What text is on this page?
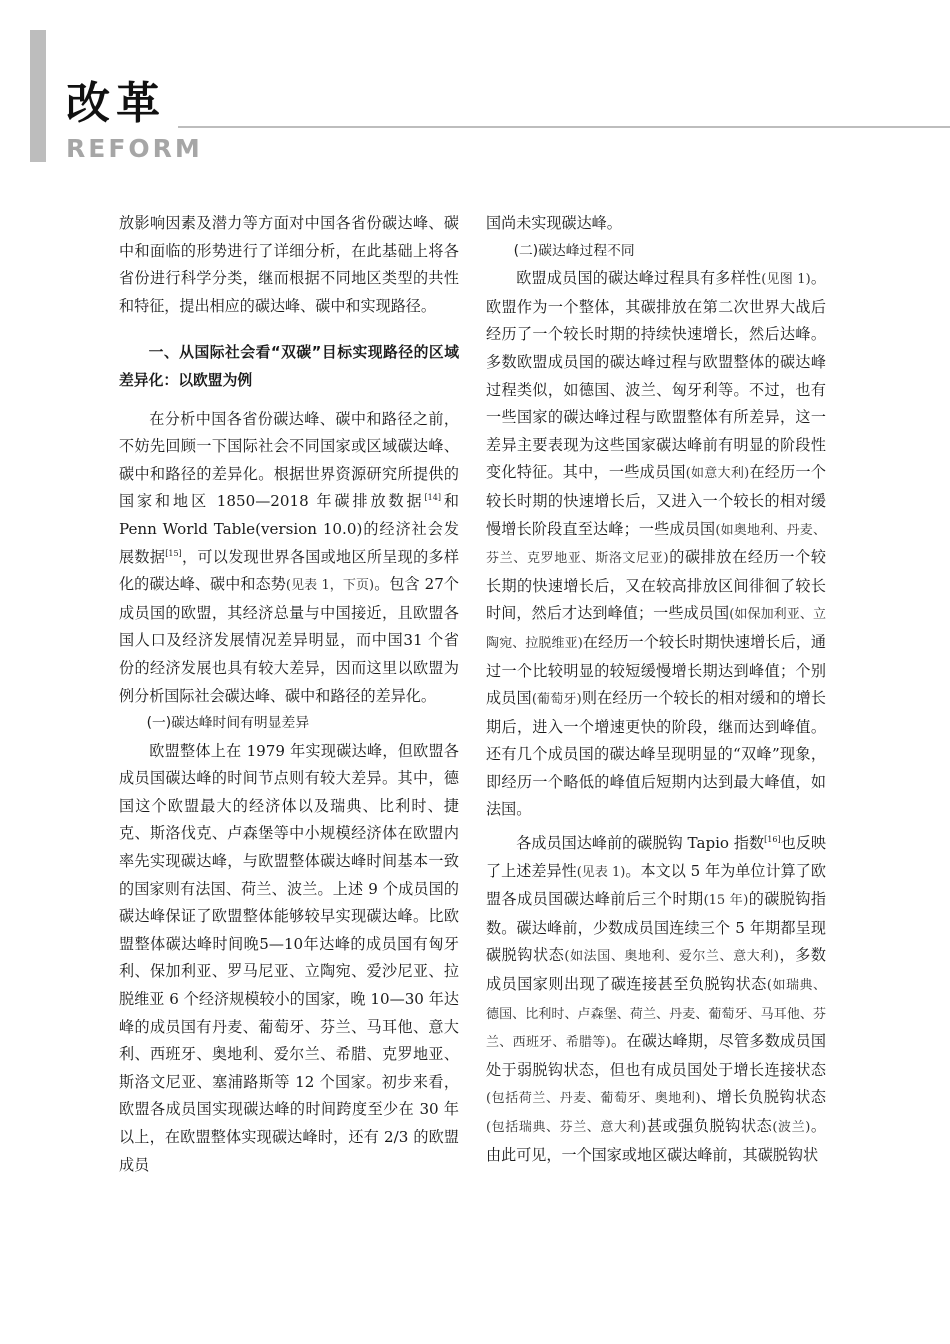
改革
REFORM

放影响因素及潜力等方面对中国各省份碳达峰、碳中和面临的形势进行了详细分析，在此基础上将各省份进行科学分类，继而根据不同地区类型的共性和特征，提出相应的碳达峰、碳中和实现路径。

一、从国际社会看“双碳”目标实现路径的区域差异化：以欧盟为例

在分析中国各省份碳达峰、碳中和路径之前，不妨先回顾一下国际社会不同国家或区域碳达峰、碳中和路径的差异化。根据世界资源研究所提供的国家和地区 1850—2018 年碳排放数据[14]和 Penn World Table(version 10.0)的经济社会发展数据[15]，可以发现世界各国或地区所呈现的多样化的碳达峰、碳中和态势(见表 1，下页)。包含 27个成员国的欧盟，其经济总量与中国接近，且欧盟各国人口及经济发展情况差异明显，而中国31 个省份的经济发展也具有较大差异，因而这里以欧盟为例分析国际社会碳达峰、碳中和路径的差异化。

(一)碳达峰时间有明显差异

欧盟整体上在 1979 年实现碳达峰，但欧盟各成员国碳达峰的时间节点则有较大差异。其中，德国这个欧盟最大的经济体以及瑞典、比利时、捷克、斯洛伐克、卢森堡等中小规模经济体在欧盟内率先实现碳达峰，与欧盟整体碳达峰时间基本一致的国家则有法国、荷兰、波兰。上述 9 个成员国的碳达峰保证了欧盟整体能够较早实现碳达峰。比欧盟整体碳达峰时间晚5—10年达峰的成员国有匈牙利、保加利亚、罗马尼亚、立陶宛、爱沙尼亚、拉脱维亚 6 个经济规模较小的国家，晚 10—30 年达峰的成员国有丹麦、葡萄牙、芬兰、马耳他、意大利、西班牙、奥地利、爱尔兰、希腊、克罗地亚、斯洛文尼亚、塞浦路斯等 12 个国家。初步来看，欧盟各成员国实现碳达峰的时间跨度至少在 30 年以上，在欧盟整体实现碳达峰时，还有 2/3 的欧盟成员

国尚未实现碳达峰。

(二)碳达峰过程不同

欧盟成员国的碳达峰过程具有多样性(见图 1)。欧盟作为一个整体，其碳排放在第二次世界大战后经历了一个较长时期的持续快速增长，然后达峰。多数欧盟成员国的碳达峰过程与欧盟整体的碳达峰过程类似，如德国、波兰、匈牙利等。不过，也有一些国家的碳达峰过程与欧盟整体有所差异，这一差异主要表现为这些国家碳达峰前有明显的阶段性变化特征。其中，一些成员国(如意大利)在经历一个较长时期的快速增长后，又进入一个较长的相对缓慢增长阶段直至达峰；一些成员国(如奥地利、丹麦、芬兰、克罗地亚、斯洛文尼亚)的碳排放在经历一个较长期的快速增长后，又在较高排放区间徘徊了较长时间，然后才达到峰值；一些成员国(如保加利亚、立陶宛、拉脱维亚)在经历一个较长时期快速增长后，通过一个比较明显的较短缓慢增长期达到峰值；个别成员国(葡萄牙)则在经历一个较长的相对缓和的增长期后，进入一个增速更快的阶段，继而达到峰值。还有几个成员国的碳达峰呈现明显的“双峰”现象，即经历一个略低的峰值后短期内达到最大峰值，如法国。

各成员国达峰前的碳脱钩 Tapio 指数[16]也反映了上述差异性(见表 1)。本文以 5 年为单位计算了欧盟各成员国碳达峰前后三个时期(15 年)的碳脱钩指数。碳达峰前，少数成员国连续三个 5 年期都呈现碳脱钩状态(如法国、奥地利、爱尔兰、意大利)，多数成员国家则出现了碳连接甚至负脱钩状态(如瑞典、德国、比利时、卢森堡、荷兰、丹麦、葡萄牙、马耳他、芬兰、西班牙、希腊等)。在碳达峰期，尽管多数成员国处于弱脱钩状态，但也有成员国处于增长连接状态(包括荷兰、丹麦、葡萄牙、奥地利)、增长负脱钩状态(包括瑞典、芬兰、意大利)甚或强负脱钩状态(波兰)。由此可见，一个国家或地区碳达峰前，其碳脱钩状
